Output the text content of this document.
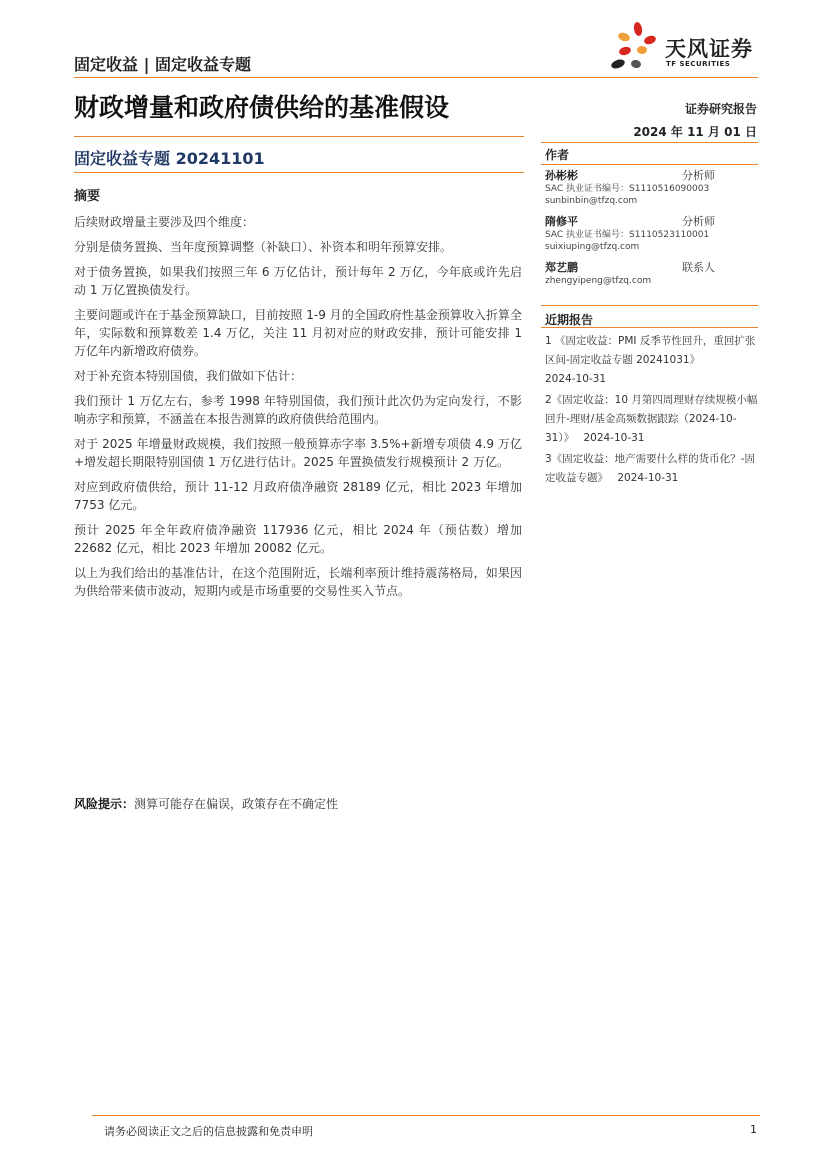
固定收益 | 固定收益专题
天风证券
TF SECURITIES
财政增量和政府债供给的基准假设	证券研究报告
2024 年 11 月 01 日
固定收益专题 20241101	作者
孙彬彬	分析师
SAC 执业证书编号：S1110516090003
sunbinbin@tfzq.com
隋修平	分析师
SAC 执业证书编号：S1110523110001
suixiuping@tfzq.com
郑艺鹏	联系人
zhengyipeng@tfzq.com
近期报告
1 《固定收益：PMI 反季节性回升，重回扩张区间-固定收益专题 20241031》
2024-10-31
2《固定收益：10 月第四周理财存续规模小幅回升-理财/基金高频数据跟踪（2024-10-31）》 2024-10-31
3《固定收益：地产需要什么样的货币化？-固定收益专题》 2024-10-31
摘要

后续财政增量主要涉及四个维度：

分别是债务置换、当年度预算调整（补缺口）、补资本和明年预算安排。

对于债务置换，如果我们按照三年 6 万亿估计，预计每年 2 万亿，今年底或许先启动 1 万亿置换债发行。

主要问题或许在于基金预算缺口，目前按照 1-9 月的全国政府性基金预算收入折算全年，实际数和预算数差 1.4 万亿，关注 11 月初对应的财政安排，预计可能安排 1 万亿年内新增政府债券。

对于补充资本特别国债，我们做如下估计：

我们预计 1 万亿左右，参考 1998 年特别国债，我们预计此次仍为定向发行，不影响赤字和预算，不涵盖在本报告测算的政府债供给范围内。

对于 2025 年增量财政规模，我们按照一般预算赤字率 3.5%+新增专项债 4.9 万亿+增发超长期限特别国债 1 万亿进行估计。2025 年置换债发行规模预计 2 万亿。

对应到政府债供给，预计 11-12 月政府债净融资 28189 亿元，相比 2023 年增加 7753 亿元。

预计 2025 年全年政府债净融资 117936 亿元，相比 2024 年（预估数）增加 22682 亿元，相比 2023 年增加 20082 亿元。

以上为我们给出的基准估计，在这个范围附近，长端利率预计维持震荡格局，如果因为供给带来债市波动，短期内或是市场重要的交易性买入节点。

风险提示：测算可能存在偏误，政策存在不确定性
请务必阅读正文之后的信息披露和免责申明	1
